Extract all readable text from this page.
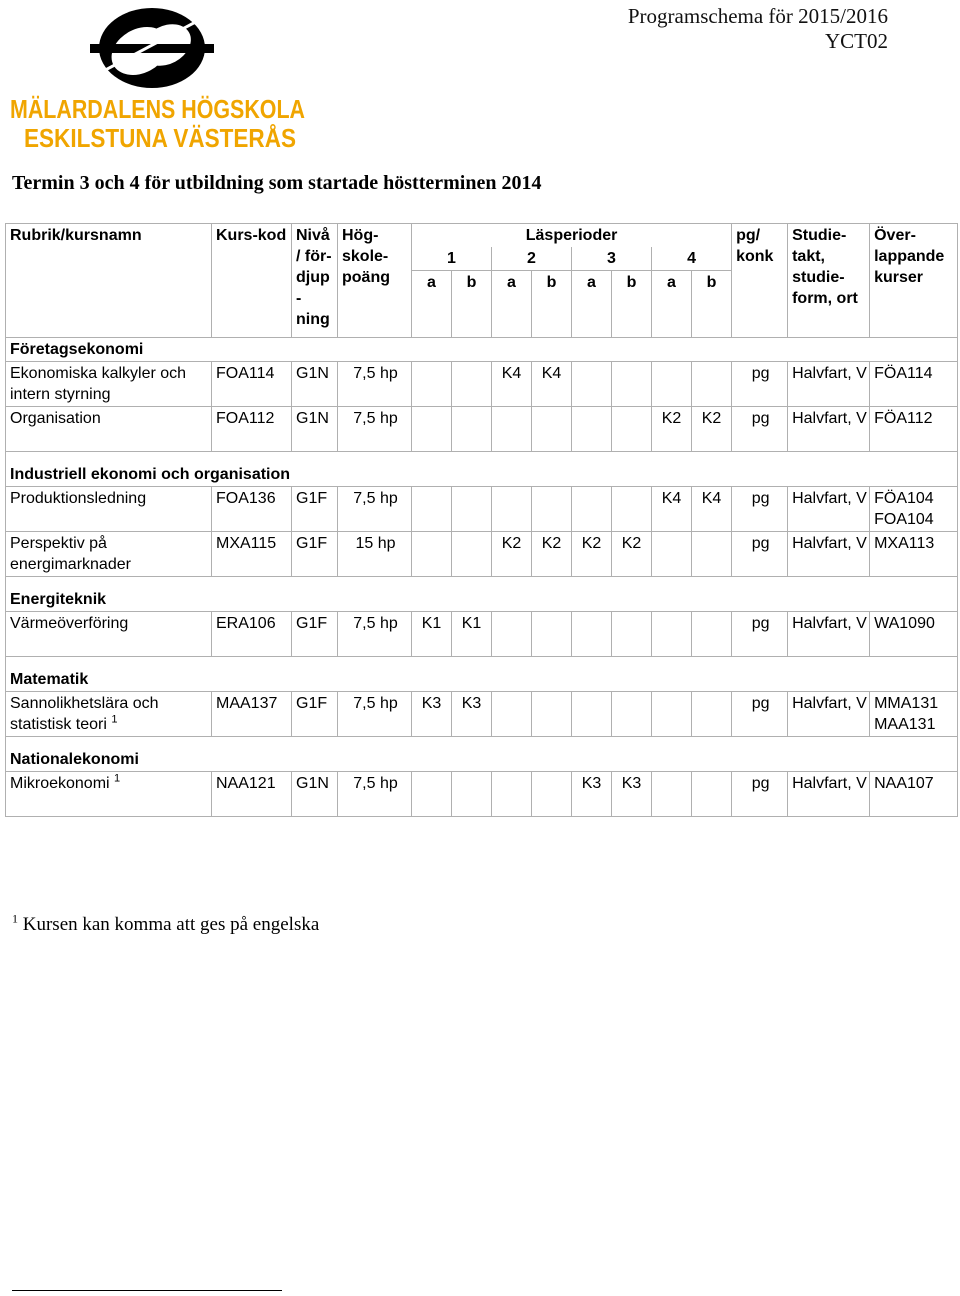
MÄLARDALENS HÖGSKOLA
ESKILSTUNA VÄSTERÅS
Programschema för 2015/2016
YCT02
Termin 3 och 4 för utbildning som startade höstterminen 2014
Rubrik/kursnamn	Kurs-kod	Nivå / för-djup -ning	Hög-skole-poäng	Läsperioder								pg/ konk	Studie-takt, studie-form, ort	Över-lappande kurser
				1		2		3		4				
				a	b	a	b	a	b	a	b			
Företagsekonomi														
Ekonomiska kalkyler och intern styrning	FOA114	G1N	7,5 hp			K4	K4					pg	Halvfart, V	FÖA114
Organisation	FOA112	G1N	7,5 hp							K2	K2	pg	Halvfart, V	FÖA112
Industriell ekonomi och organisation														
Produktionsledning	FOA136	G1F	7,5 hp							K4	K4	pg	Halvfart, V	FÖA104 FOA104
Perspektiv på energimarknader	MXA115	G1F	15 hp			K2	K2	K2	K2			pg	Halvfart, V	MXA113
Energiteknik														
Värmeöverföring	ERA106	G1F	7,5 hp	K1	K1							pg	Halvfart, V	WA1090
Matematik														
Sannolikhetslära och statistisk teori $^1$	MAA137	G1F	7,5 hp	K3	K3							pg	Halvfart, V	MMA131 MAA131
Nationalekonomi														
Mikroekonomi $^1$	NAA121	G1N	7,5 hp					K3	K3			pg	Halvfart, V	NAA107
$^1$ Kursen kan komma att ges på engelska
